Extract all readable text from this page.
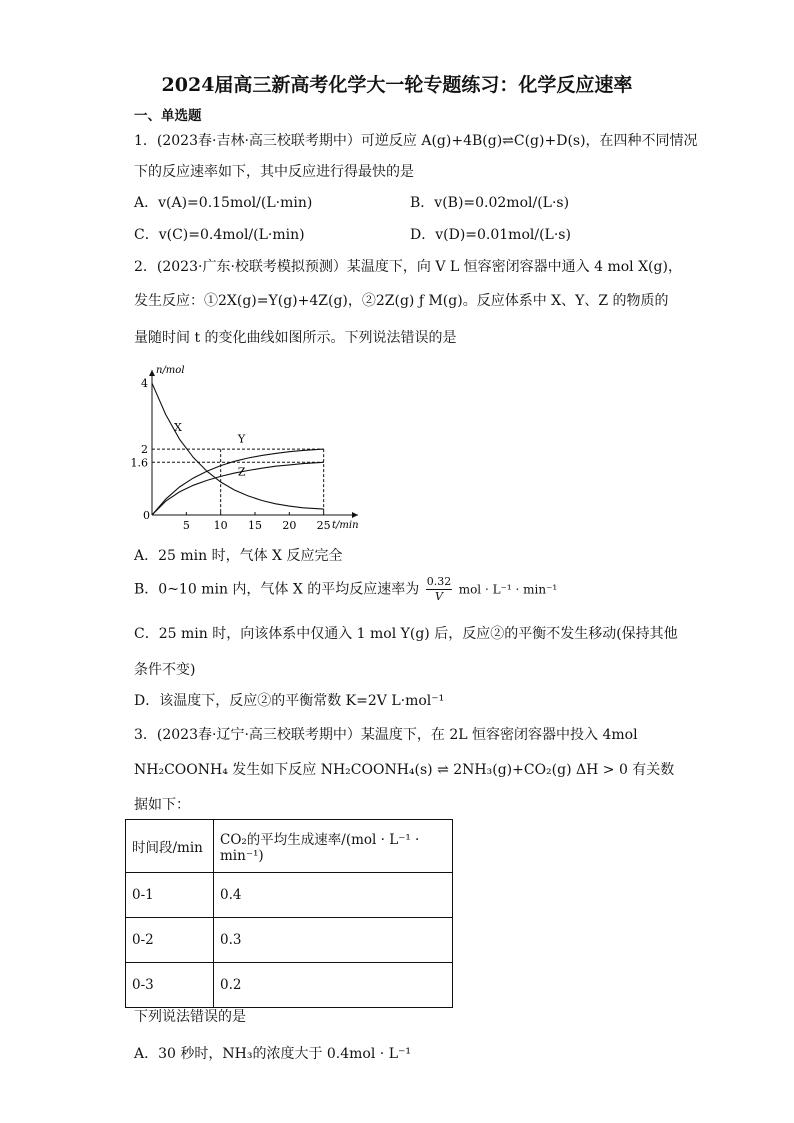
2024届高三新高考化学大一轮专题练习：化学反应速率
一、单选题
1．(2023春·吉林·高三校联考期中）可逆反应 A(g)+4B(g)⇌C(g)+D(s)，在四种不同情况
下的反应速率如下，其中反应进行得最快的是
A．v(A)=0.15mol/(L·min)	B．v(B)=0.02mol/(L·s)
C．v(C)=0.4mol/(L·min)	D．v(D)=0.01mol/(L·s)
2．(2023·广东·校联考模拟预测）某温度下，向 V L 恒容密闭容器中通入 4 mol X(g)，
发生反应：①2X(g)=Y(g)+4Z(g)，②2Z(g) ƒ M(g)。反应体系中 X、Y、Z 的物质的
量随时间 t 的变化曲线如图所示。下列说法错误的是
n/mol
t/min
0
5 10 15 20 25
4
2
1.6
X
Y
Z
A．25 min 时，气体 X 反应完全
B．0~10 min 内，气体 X 的平均反应速率为 $\frac{0.32}{V}$ mol · L⁻¹ · min⁻¹
C．25 min 时，向该体系中仅通入 1 mol Y(g) 后，反应②的平衡不发生移动(保持其他
条件不变)
D．该温度下，反应②的平衡常数 K=2V L·mol⁻¹
3．(2023春·辽宁·高三校联考期中）某温度下，在 2L 恒容密闭容器中投入 4mol
NH₂COONH₄ 发生如下反应 NH₂COONH₄(s) ⇌ 2NH₃(g)+CO₂(g) ΔH > 0 有关数
据如下：
时间段/min	CO₂的平均生成速率/(mol · L⁻¹ · min⁻¹)
0-1	0.4
0-2	0.3
0-3	0.2
下列说法错误的是
A．30 秒时，NH₃的浓度大于 0.4mol · L⁻¹
